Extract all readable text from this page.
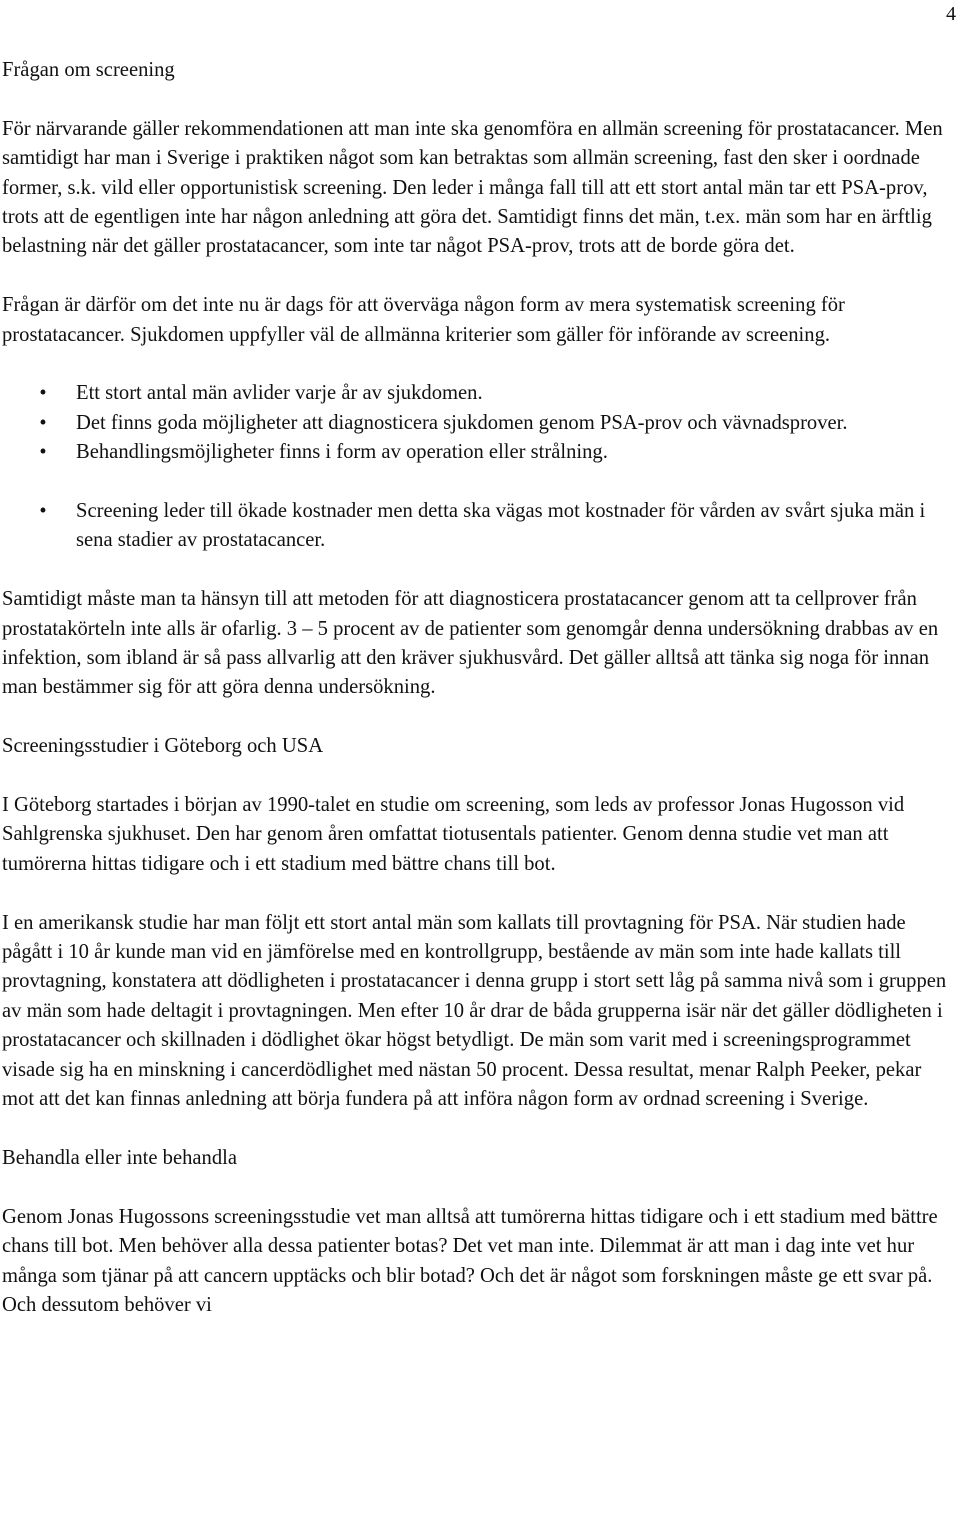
4
Frågan om screening

För närvarande gäller rekommendationen att man inte ska genomföra en allmän screening för prostatacancer. Men samtidigt har man i Sverige i praktiken något som kan betraktas som allmän screening, fast den sker i oordnade former, s.k. vild eller opportunistisk screening. Den leder i många fall till att ett stort antal män tar ett PSA-prov, trots att de egentligen inte har någon anledning att göra det. Samtidigt finns det män, t.ex. män som har en ärftlig belastning när det gäller prostatacancer, som inte tar något PSA-prov, trots att de borde göra det.

Frågan är därför om det inte nu är dags för att överväga någon form av mera systematisk screening för prostatacancer. Sjukdomen uppfyller väl de allmänna kriterier som gäller för införande av screening.

•	Ett stort antal män avlider varje år av sjukdomen.
•	Det finns goda möjligheter att diagnosticera sjukdomen genom PSA-prov och vävnadsprover.
•	Behandlingsmöjligheter finns i form av operation eller strålning.
•	Screening leder till ökade kostnader men detta ska vägas mot kostnader för vården av svårt sjuka män i sena stadier av prostatacancer.

Samtidigt måste man ta hänsyn till att metoden för att diagnosticera prostatacancer genom att ta cellprover från prostatakörteln inte alls är ofarlig. 3 – 5 procent av de patienter som genomgår denna undersökning drabbas av en infektion, som ibland är så pass allvarlig att den kräver sjukhusvård. Det gäller alltså att tänka sig noga för innan man bestämmer sig för att göra denna undersökning.

Screeningsstudier i Göteborg och USA

I Göteborg startades i början av 1990-talet en studie om screening, som leds av professor Jonas Hugosson vid Sahlgrenska sjukhuset. Den har genom åren omfattat tiotusentals patienter. Genom denna studie vet man att tumörerna hittas tidigare och i ett stadium med bättre chans till bot.

I en amerikansk studie har man följt ett stort antal män som kallats till provtagning för PSA. När studien hade pågått i 10 år kunde man vid en jämförelse med en kontrollgrupp, bestående av män som inte hade kallats till provtagning, konstatera att dödligheten i prostatacancer i denna grupp i stort sett låg på samma nivå som i gruppen av män som hade deltagit i provtagningen. Men efter 10 år drar de båda grupperna isär när det gäller dödligheten i prostatacancer och skillnaden i dödlighet ökar högst betydligt. De män som varit med i screeningsprogrammet visade sig ha en minskning i cancerdödlighet med nästan 50 procent. Dessa resultat, menar Ralph Peeker, pekar mot att det kan finnas anledning att börja fundera på att införa någon form av ordnad screening i Sverige.

Behandla eller inte behandla

Genom Jonas Hugossons screeningsstudie vet man alltså att tumörerna hittas tidigare och i ett stadium med bättre chans till bot. Men behöver alla dessa patienter botas? Det vet man inte. Dilemmat är att man i dag inte vet hur många som tjänar på att cancern upptäcks och blir botad? Och det är något som forskningen måste ge ett svar på. Och dessutom behöver vi
